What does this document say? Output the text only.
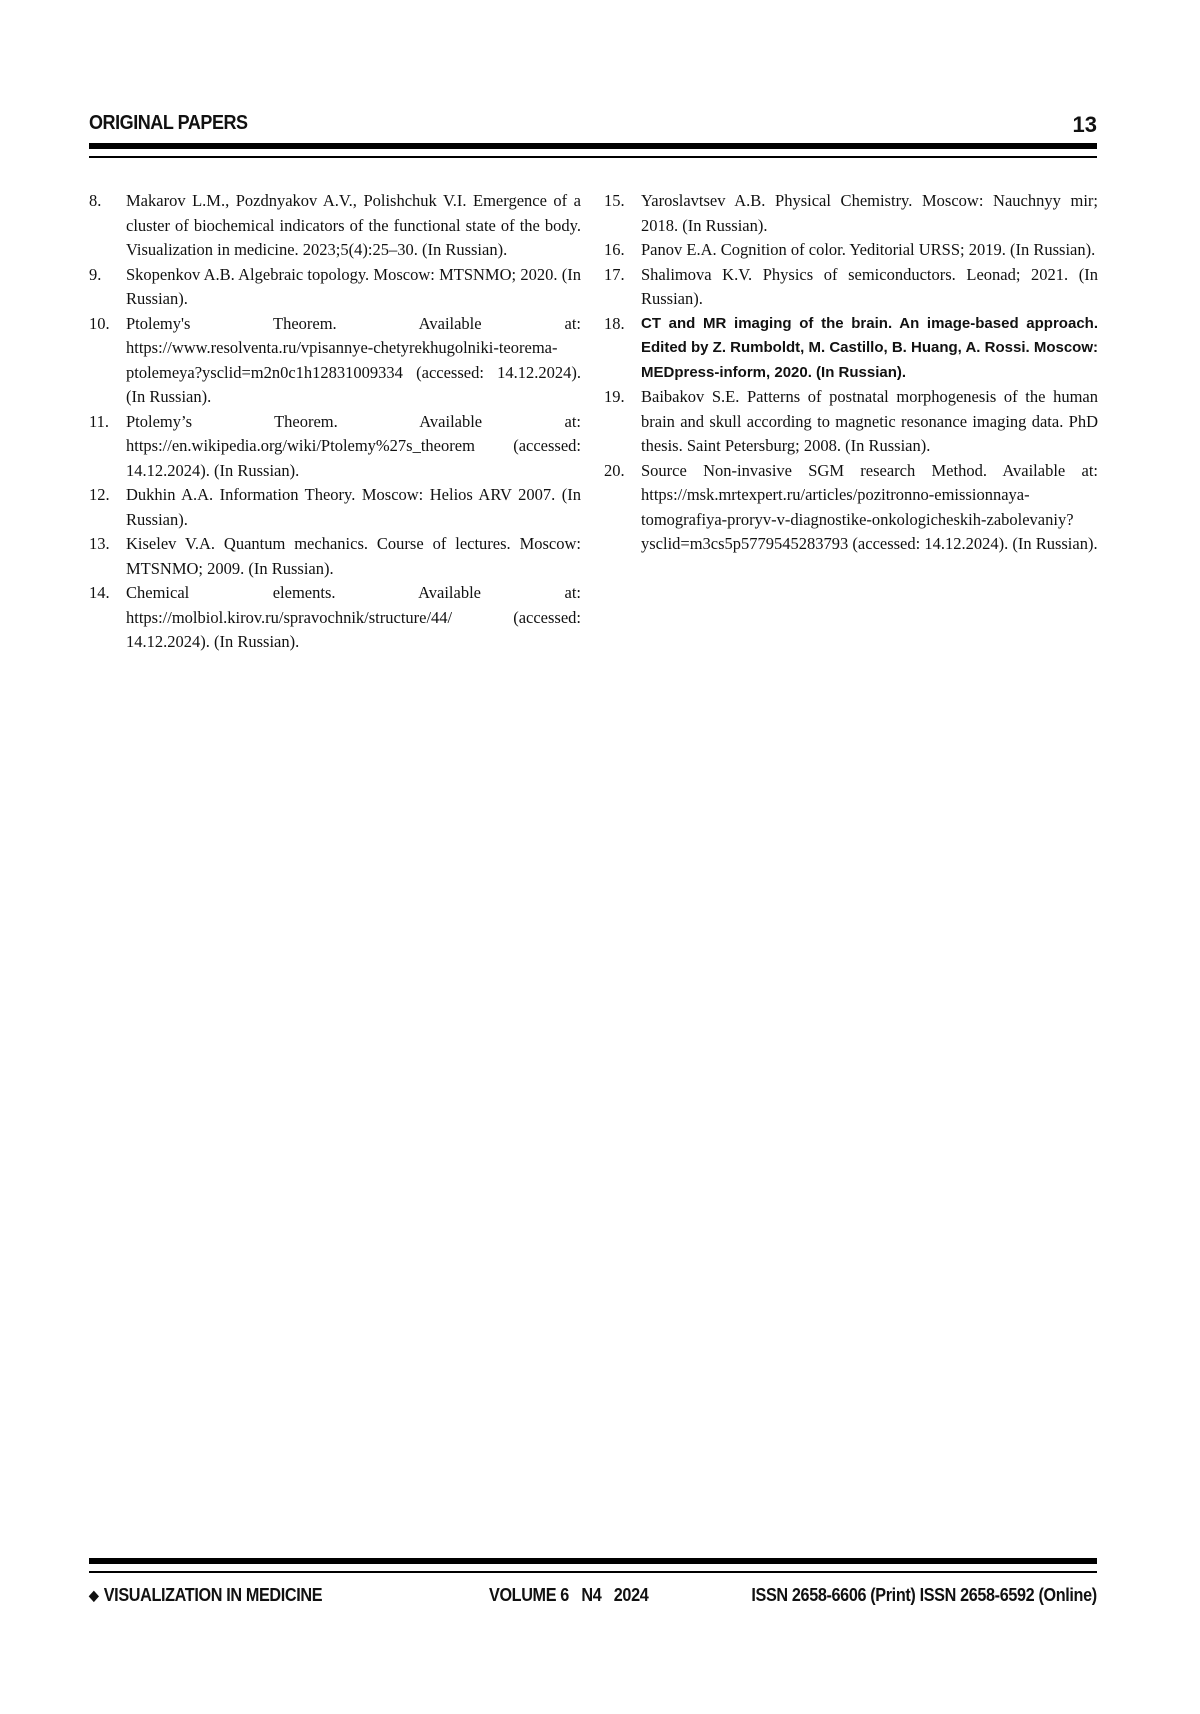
ORIGINAL PAPERS	13
8. Makarov L.M., Pozdnyakov A.V., Polishchuk V.I. Emergence of a cluster of biochemical indicators of the functional state of the body. Visualization in medicine. 2023;5(4):25–30. (In Russian).
9. Skopenkov A.B. Algebraic topology. Moscow: MTSNMO; 2020. (In Russian).
10. Ptolemy's Theorem. Available at: https://www.resolventa.ru/vpisannye-chetyrekhugolniki-teorema-ptolemeya?ysclid=m2n0c1h12831009334 (accessed: 14.12.2024). (In Russian).
11. Ptolemy’s Theorem. Available at: https://en.wikipedia.org/wiki/Ptolemy%27s_theorem (accessed: 14.12.2024). (In Russian).
12. Dukhin A.A. Information Theory. Moscow: Helios ARV 2007. (In Russian).
13. Kiselev V.A. Quantum mechanics. Course of lectures. Moscow: MTSNMO; 2009. (In Russian).
14. Chemical elements. Available at: https://molbiol.kirov.ru/spravochnik/structure/44/ (accessed: 14.12.2024). (In Russian).
15. Yaroslavtsev A.B. Physical Chemistry. Moscow: Nauchnyy mir; 2018. (In Russian).
16. Panov E.A. Cognition of color. Yeditorial URSS; 2019. (In Russian).
17. Shalimova K.V. Physics of semiconductors. Leonad; 2021. (In Russian).
18. CT and MR imaging of the brain. An image-based approach. Edited by Z. Rumboldt, M. Castillo, B. Huang, A. Rossi. Moscow: MEDpress-inform, 2020. (In Russian).
19. Baibakov S.E. Patterns of postnatal morphogenesis of the human brain and skull according to magnetic resonance imaging data. PhD thesis. Saint Petersburg; 2008. (In Russian).
20. Source Non-invasive SGM research Method. Available at: https://msk.mrtexpert.ru/articles/pozitronno-emissionnaya-tomografiya-proryv-v-diagnostike-onkologicheskih-zabolevaniy?ysclid=m3cs5p5779545283793 (accessed: 14.12.2024). (In Russian).
◆ VISUALIZATION IN MEDICINE	VOLUME 6   N4   2024	ISSN 2658-6606 (Print) ISSN 2658-6592 (Online)
